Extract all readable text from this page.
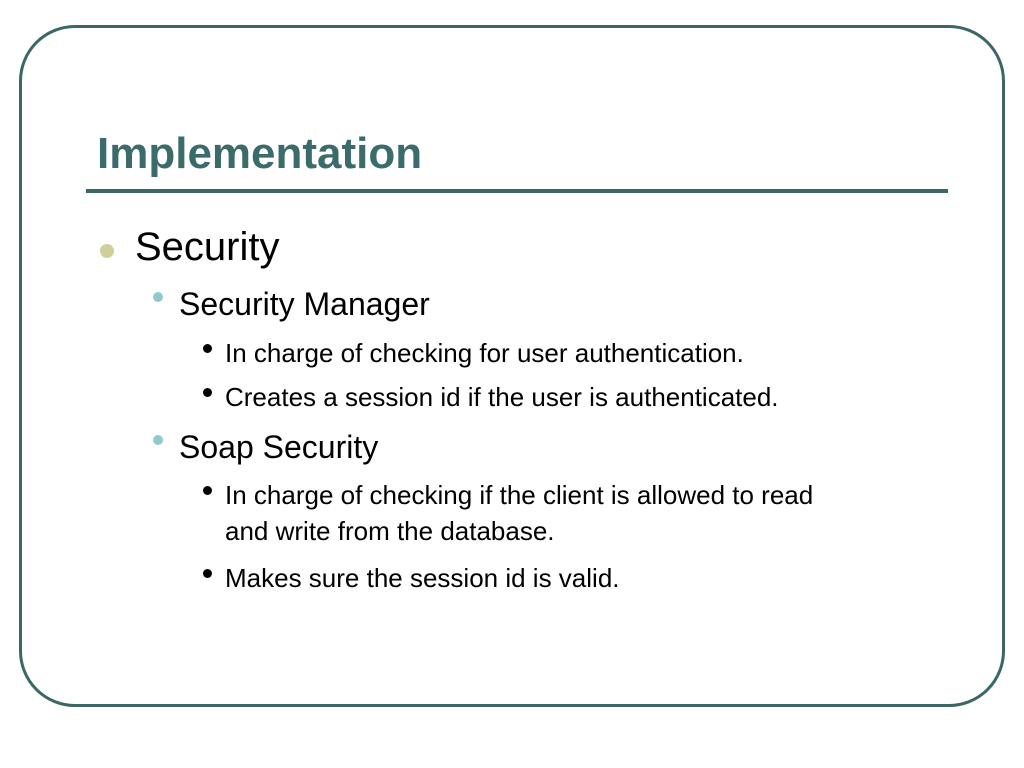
Implementation
Security
Security Manager
In charge of checking for user authentication.
Creates a session id if the user is authenticated.
Soap Security
In charge of checking if the client is allowed to read
and write from the database.
Makes sure the session id is valid.
